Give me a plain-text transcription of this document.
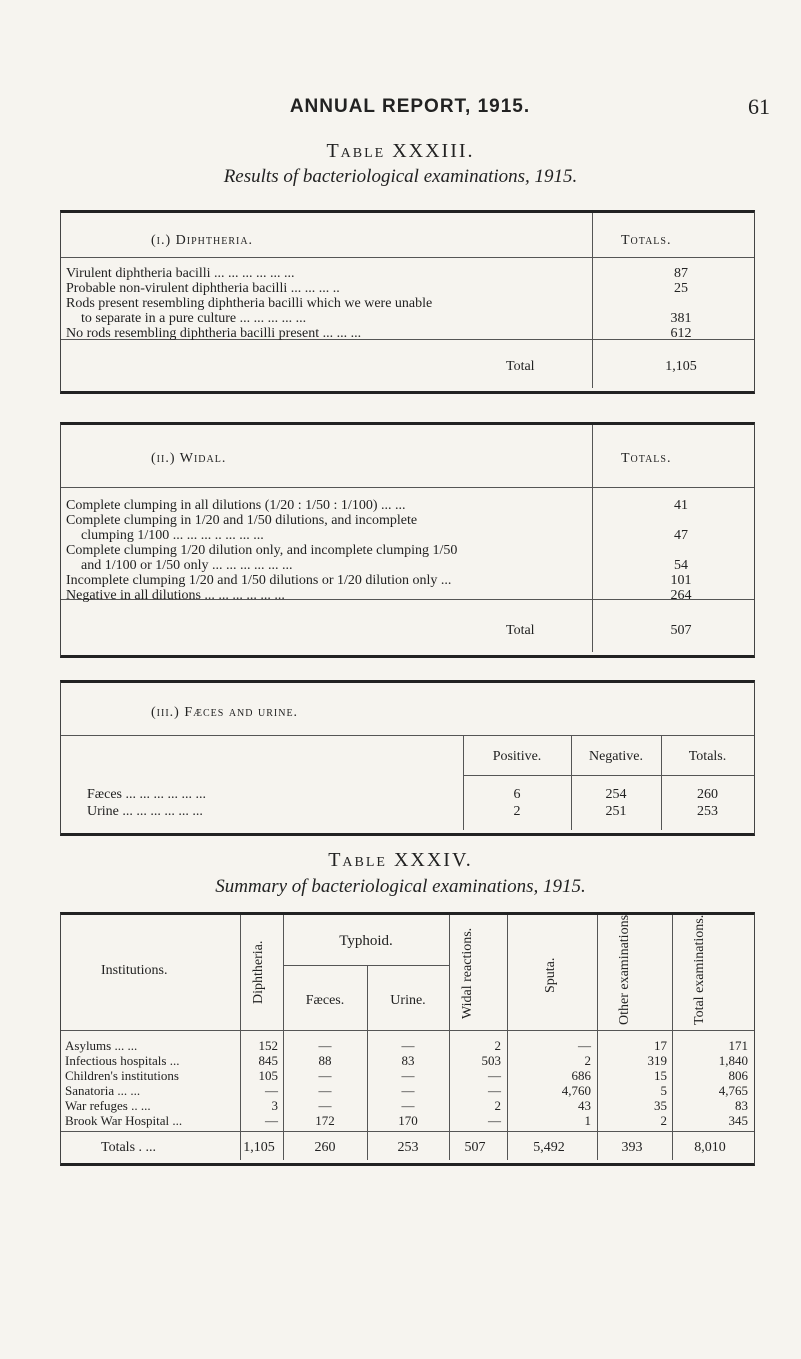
ANNUAL REPORT, 1915.	61
Table XXXIII.
Results of bacteriological examinations, 1915.
(i.) Diphtheria.	Totals.
Virulent diphtheria bacilli ... ... ... ... ... ...	87
Probable non-virulent diphtheria bacilli ... ... ... ..	25
Rods present resembling diphtheria bacilli which we were unable
to separate in a pure culture ... ... ... ... ...	381
No rods resembling diphtheria bacilli present ... ... ...	612
Total	1,105
(ii.) Widal.	Totals.
Complete clumping in all dilutions (1/20 : 1/50 : 1/100) ... ...	41
Complete clumping in 1/20 and 1/50 dilutions, and incomplete
clumping 1/100 ... ... ... .. ... ... ...	47
Complete clumping 1/20 dilution only, and incomplete clumping 1/50
and 1/100 or 1/50 only ... ... ... ... ... ...	54
Incomplete clumping 1/20 and 1/50 dilutions or 1/20 dilution only ...	101
Negative in all dilutions ... ... ... ... ... ...	264
Total	507
(iii.) Fæces and urine.
Positive.	Negative.	Totals.
Fæces ... ... ... ... ... ...	6	254	260
Urine ... ... ... ... ... ...	2	251	253
Table XXXIV.
Summary of bacteriological examinations, 1915.
Institutions.	Diphtheria.	Typhoid.
Fæces.	Urine.	Widal reactions.	Sputa.	Other examinations.	Total examinations.
Asylums ... ...	152	—	—	2	—	17	171
Infectious hospitals ...	845	88	83	503	2	319	1,840
Children's institutions	105	—	—	—	686	15	806
Sanatoria ... ...	—	—	—	—	4,760	5	4,765
War refuges .. ...	3	—	—	2	43	35	83
Brook War Hospital ...	—	172	170	—	1	2	345
Totals . ...	1,105	260	253	507	5,492	393	8,010
